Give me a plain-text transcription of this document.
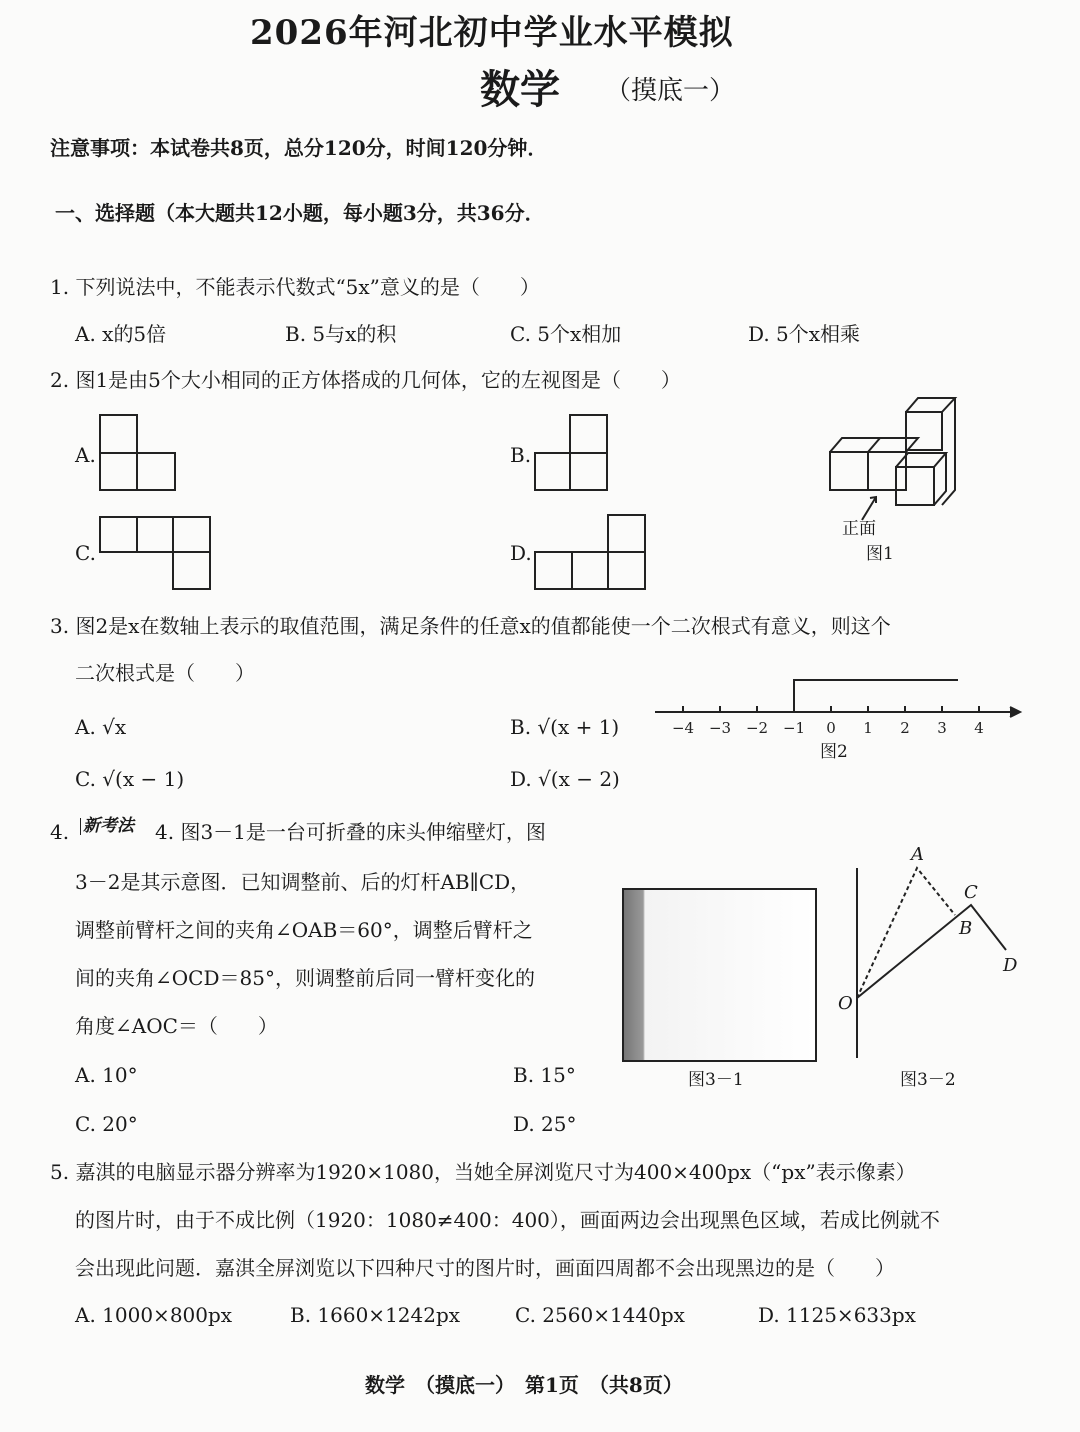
2026年河北初中学业水平模拟
数学 （摸底一）
注意事项：本试卷共8页，总分120分，时间120分钟．
一、选择题（本大题共12小题，每小题3分，共36分．
1. 下列说法中，不能表示代数式“5x”意义的是（　　）
A. x的5倍	B. 5与x的积	C. 5个x相加	D. 5个x相乘
2. 图1是由5个大小相同的正方体搭成的几何体，它的左视图是（　　）
A.	B.
C.	D.
正面
图1
3. 图2是x在数轴上表示的取值范围，满足条件的任意x的值都能使一个二次根式有意义，则这个
二次根式是（　　）
A. √x	B. √(x + 1)
C. √(x − 1)	D. √(x − 2)
−4 −3 −2 −1 0 1 2 3 4
图2
4. 新考法 4. 图3－1是一台可折叠的床头伸缩壁灯，图
3－2是其示意图．已知调整前、后的灯杆AB∥CD，
调整前臂杆之间的夹角∠OAB＝60°，调整后臂杆之
间的夹角∠OCD＝85°，则调整前后同一臂杆变化的
角度∠AOC＝（　　）
A. 10°	B. 15°
C. 20°	D. 25°
图3－1
A
B
C
D
O
图3－2
5. 嘉淇的电脑显示器分辨率为1920×1080，当她全屏浏览尺寸为400×400px（“px”表示像素）
的图片时，由于不成比例（1920：1080≠400：400），画面两边会出现黑色区域，若成比例就不
会出现此问题．嘉淇全屏浏览以下四种尺寸的图片时，画面四周都不会出现黑边的是（　　）
A. 1000×800px	B. 1660×1242px	C. 2560×1440px	D. 1125×633px
数学　（摸底一）　第1页　（共8页）
